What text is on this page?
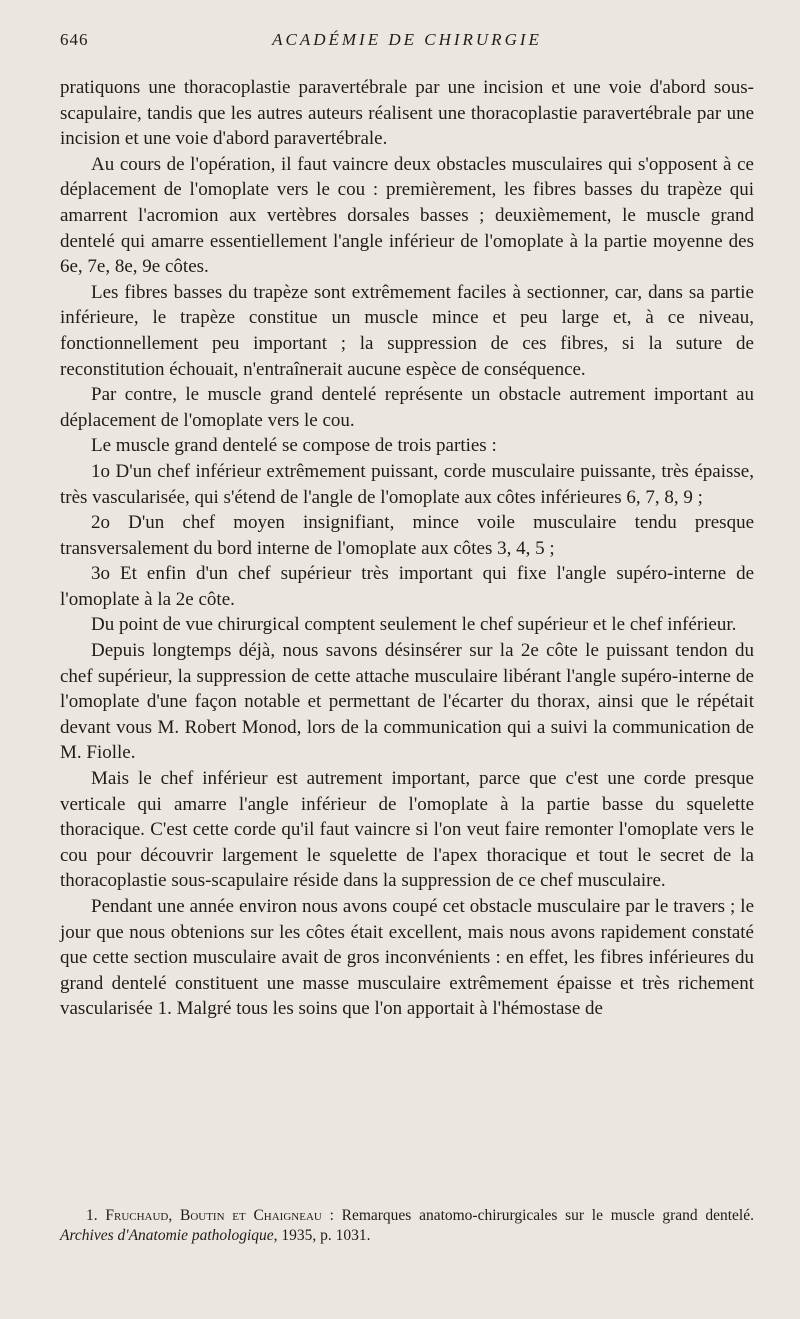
646	ACADÉMIE DE CHIRURGIE

pratiquons une thoracoplastie paravertébrale par une incision et une voie d'abord sous-scapulaire, tandis que les autres auteurs réalisent une thoracoplastie paravertébrale par une incision et une voie d'abord paravertébrale.

Au cours de l'opération, il faut vaincre deux obstacles musculaires qui s'opposent à ce déplacement de l'omoplate vers le cou : premièrement, les fibres basses du trapèze qui amarrent l'acromion aux vertèbres dorsales basses ; deuxièmement, le muscle grand dentelé qui amarre essentiellement l'angle inférieur de l'omoplate à la partie moyenne des 6e, 7e, 8e, 9e côtes.

Les fibres basses du trapèze sont extrêmement faciles à sectionner, car, dans sa partie inférieure, le trapèze constitue un muscle mince et peu large et, à ce niveau, fonctionnellement peu important ; la suppression de ces fibres, si la suture de reconstitution échouait, n'entraînerait aucune espèce de conséquence.

Par contre, le muscle grand dentelé représente un obstacle autrement important au déplacement de l'omoplate vers le cou.

Le muscle grand dentelé se compose de trois parties :

1o D'un chef inférieur extrêmement puissant, corde musculaire puissante, très épaisse, très vascularisée, qui s'étend de l'angle de l'omoplate aux côtes inférieures 6, 7, 8, 9 ;

2o D'un chef moyen insignifiant, mince voile musculaire tendu presque transversalement du bord interne de l'omoplate aux côtes 3, 4, 5 ;

3o Et enfin d'un chef supérieur très important qui fixe l'angle supéro-interne de l'omoplate à la 2e côte.

Du point de vue chirurgical comptent seulement le chef supérieur et le chef inférieur.

Depuis longtemps déjà, nous savons désinsérer sur la 2e côte le puissant tendon du chef supérieur, la suppression de cette attache musculaire libérant l'angle supéro-interne de l'omoplate d'une façon notable et permettant de l'écarter du thorax, ainsi que le répétait devant vous M. Robert Monod, lors de la communication qui a suivi la communication de M. Fiolle.

Mais le chef inférieur est autrement important, parce que c'est une corde presque verticale qui amarre l'angle inférieur de l'omoplate à la partie basse du squelette thoracique. C'est cette corde qu'il faut vaincre si l'on veut faire remonter l'omoplate vers le cou pour découvrir largement le squelette de l'apex thoracique et tout le secret de la thoracoplastie sous-scapulaire réside dans la suppression de ce chef musculaire.

Pendant une année environ nous avons coupé cet obstacle musculaire par le travers ; le jour que nous obtenions sur les côtes était excellent, mais nous avons rapidement constaté que cette section musculaire avait de gros inconvénients : en effet, les fibres inférieures du grand dentelé constituent une masse musculaire extrêmement épaisse et très richement vascularisée 1. Malgré tous les soins que l'on apportait à l'hémostase de

1. Fruchaud, Boutin et Chaigneau : Remarques anatomo-chirurgicales sur le muscle grand dentelé. Archives d'Anatomie pathologique, 1935, p. 1031.
